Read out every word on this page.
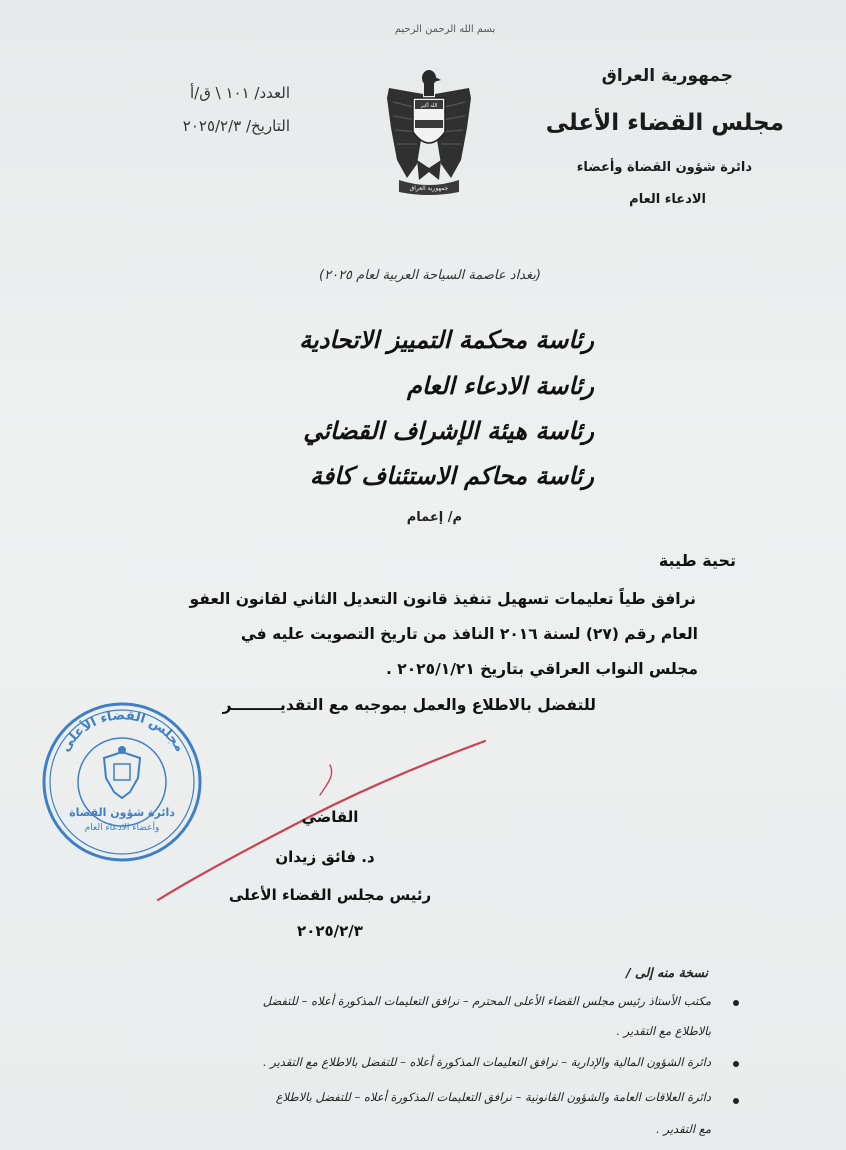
بسم الله الرحمن الرحيم
العدد/ ١٠١ \ ق/أ
التاريخ/ ٢٠٢٥/٢/٣
جمهورية العراق
مجلس القضاء الأعلى
دائرة شؤون القضاة وأعضاء
الادعاء العام
الله أكبر
جمهورية العراق
(بغداد عاصمة السياحة العربية لعام ٢٠٢٥)
رئاسة محكمة التمييز الاتحادية
رئاسة الادعاء العام
رئاسة هيئة الإشراف القضائي
رئاسة محاكم الاستئناف كافة
م/ إعمام
تحية طيبة
نرافق طياً تعليمات تسهيل تنفيذ قانون التعديل الثاني لقانون العفو
العام رقم (٢٧) لسنة ٢٠١٦ النافذ من تاريخ التصويت عليه في
مجلس النواب العراقي بتاريخ ٢٠٢٥/١/٢١ .
للتفضل بالاطلاع والعمل بموجبه مع التقديـــــــــر
مجلس القضاء الأعلى
دائرة شؤون القضاة
وأعضاء الادعاء العام
القاضي
د. فائق زيدان
رئيس مجلس القضاء الأعلى
٢٠٢٥/٢/٣
نسخة منه إلى /
مكتب الأستاذ رئيس مجلس القضاء الأعلى المحترم – نرافق التعليمات المذكورة أعلاه – للتفضل
بالاطلاع مع التقدير .
دائرة الشؤون المالية والإدارية – نرافق التعليمات المذكورة أعلاه – للتفضل بالاطلاع مع التقدير .
دائرة العلاقات العامة والشؤون القانونية – نرافق التعليمات المذكورة أعلاه – للتفضل بالاطلاع
مع التقدير .
